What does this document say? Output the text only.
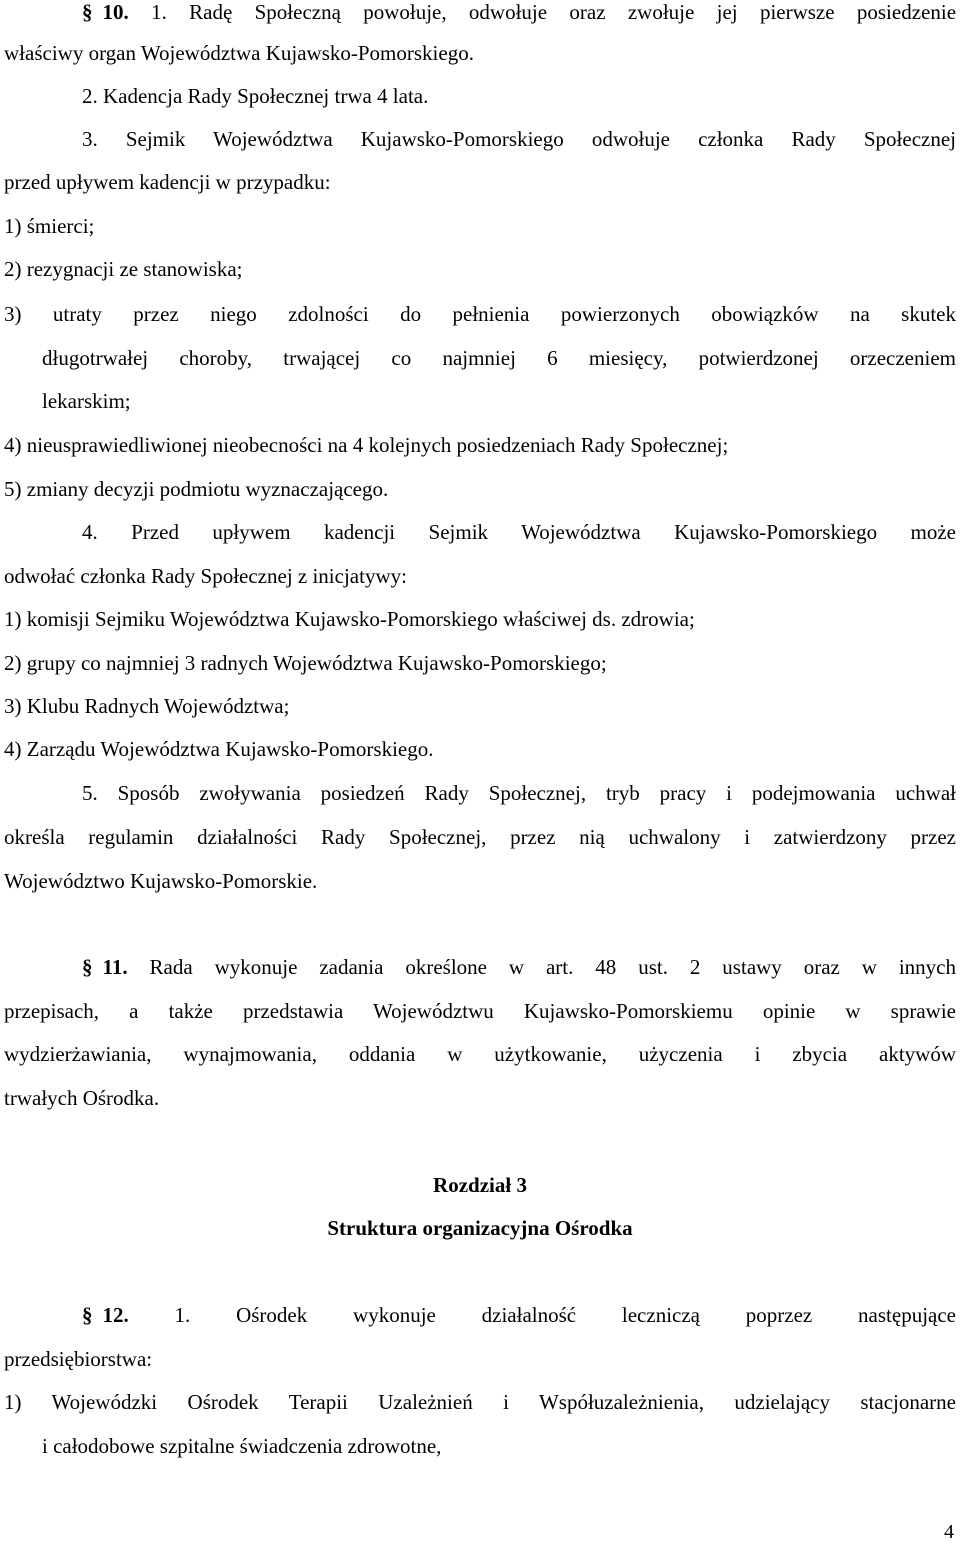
§ 10. 1. Radę Społeczną powołuje, odwołuje oraz zwołuje jej pierwsze posiedzenie
właściwy organ Województwa Kujawsko-Pomorskiego.
2. Kadencja Rady Społecznej trwa 4 lata.
3. Sejmik Województwa Kujawsko-Pomorskiego odwołuje członka Rady Społecznej
przed upływem kadencji w przypadku:
1) śmierci;
2) rezygnacji ze stanowiska;
3) utraty przez niego zdolności do pełnienia powierzonych obowiązków na skutek
długotrwałej choroby, trwającej co najmniej 6 miesięcy, potwierdzonej orzeczeniem
lekarskim;
4) nieusprawiedliwionej nieobecności na 4 kolejnych posiedzeniach Rady Społecznej;
5) zmiany decyzji podmiotu wyznaczającego.
4. Przed upływem kadencji Sejmik Województwa Kujawsko-Pomorskiego może
odwołać członka Rady Społecznej z inicjatywy:
1) komisji Sejmiku Województwa Kujawsko-Pomorskiego właściwej ds. zdrowia;
2) grupy co najmniej 3 radnych Województwa Kujawsko-Pomorskiego;
3) Klubu Radnych Województwa;
4) Zarządu Województwa Kujawsko-Pomorskiego.
5. Sposób zwoływania posiedzeń Rady Społecznej, tryb pracy i podejmowania uchwał
określa regulamin działalności Rady Społecznej, przez nią uchwalony i zatwierdzony przez
Województwo Kujawsko-Pomorskie.
§ 11. Rada wykonuje zadania określone w art. 48 ust. 2 ustawy oraz w innych
przepisach, a także przedstawia Województwu Kujawsko-Pomorskiemu opinie w sprawie
wydzierżawiania, wynajmowania, oddania w użytkowanie, użyczenia i zbycia aktywów
trwałych Ośrodka.
Rozdział 3
Struktura organizacyjna Ośrodka
§ 12. 1. Ośrodek wykonuje działalność leczniczą poprzez następujące
przedsiębiorstwa:
1) Wojewódzki Ośrodek Terapii Uzależnień i Współuzależnienia, udzielający stacjonarne
i całodobowe szpitalne świadczenia zdrowotne,
4
